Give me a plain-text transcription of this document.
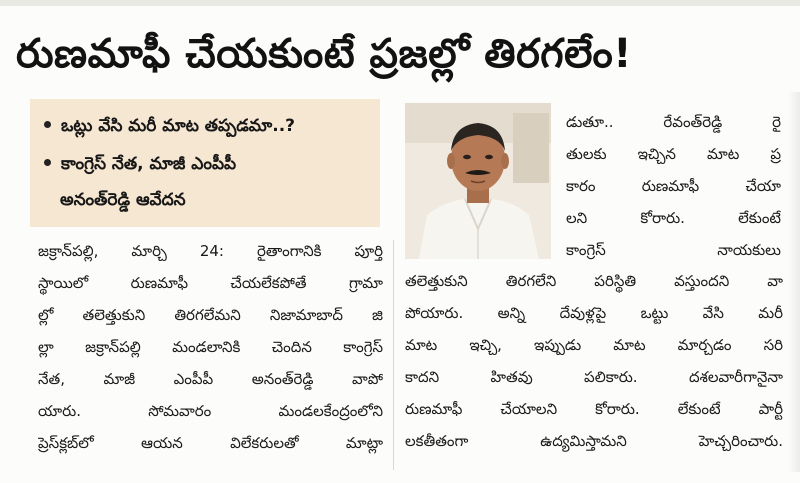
రుణమాఫీ చేయకుంటే ప్రజల్లో తిరగలేం!
ఒట్లు వేసి మరీ మాట తప్పడమా..?
కాంగ్రెస్‌ నేత, మాజీ ఎంపీపీ
అనంత్‌రెడ్డి ఆవేదన
జక్రాన్‌పల్లి, మార్చి 24: రైతాంగానికి పూర్తి
స్థాయిలో రుణమాఫీ చేయలేకపోతే గ్రామా
ల్లో తలెత్తుకుని తిరగలేమని నిజామాబాద్‌ జి
ల్లా జక్రాన్‌పల్లి మండలానికి చెందిన కాంగ్రెస్‌
నేత, మాజీ ఎంపీపీ అనంత్‌రెడ్డి వాపో
యారు. సోమవారం మండలకేంద్రంలోని
ప్రెస్‌క్లబ్‌లో ఆయన విలేకరులతో మాట్లా
డుతూ.. రేవంత్‌రెడ్డి రై
తులకు ఇచ్చిన మాట ప్ర
కారం రుణమాఫీ చేయా
లని కోరారు. లేకుంటే
కాంగ్రెస్‌ నాయకులు
తలెత్తుకుని తిరగలేని పరిస్థితి వస్తుందని వా
పోయారు. అన్ని దేవుళ్లపై ఒట్టు వేసి మరీ
మాట ఇచ్చి, ఇప్పుడు మాట మార్చడం సరి
కాదని హితవు పలికారు. దశలవారీగానైనా
రుణమాఫీ చేయాలని కోరారు. లేకుంటే పార్టీ
లకతీతంగా ఉద్యమిస్తామని హెచ్చరించారు.
